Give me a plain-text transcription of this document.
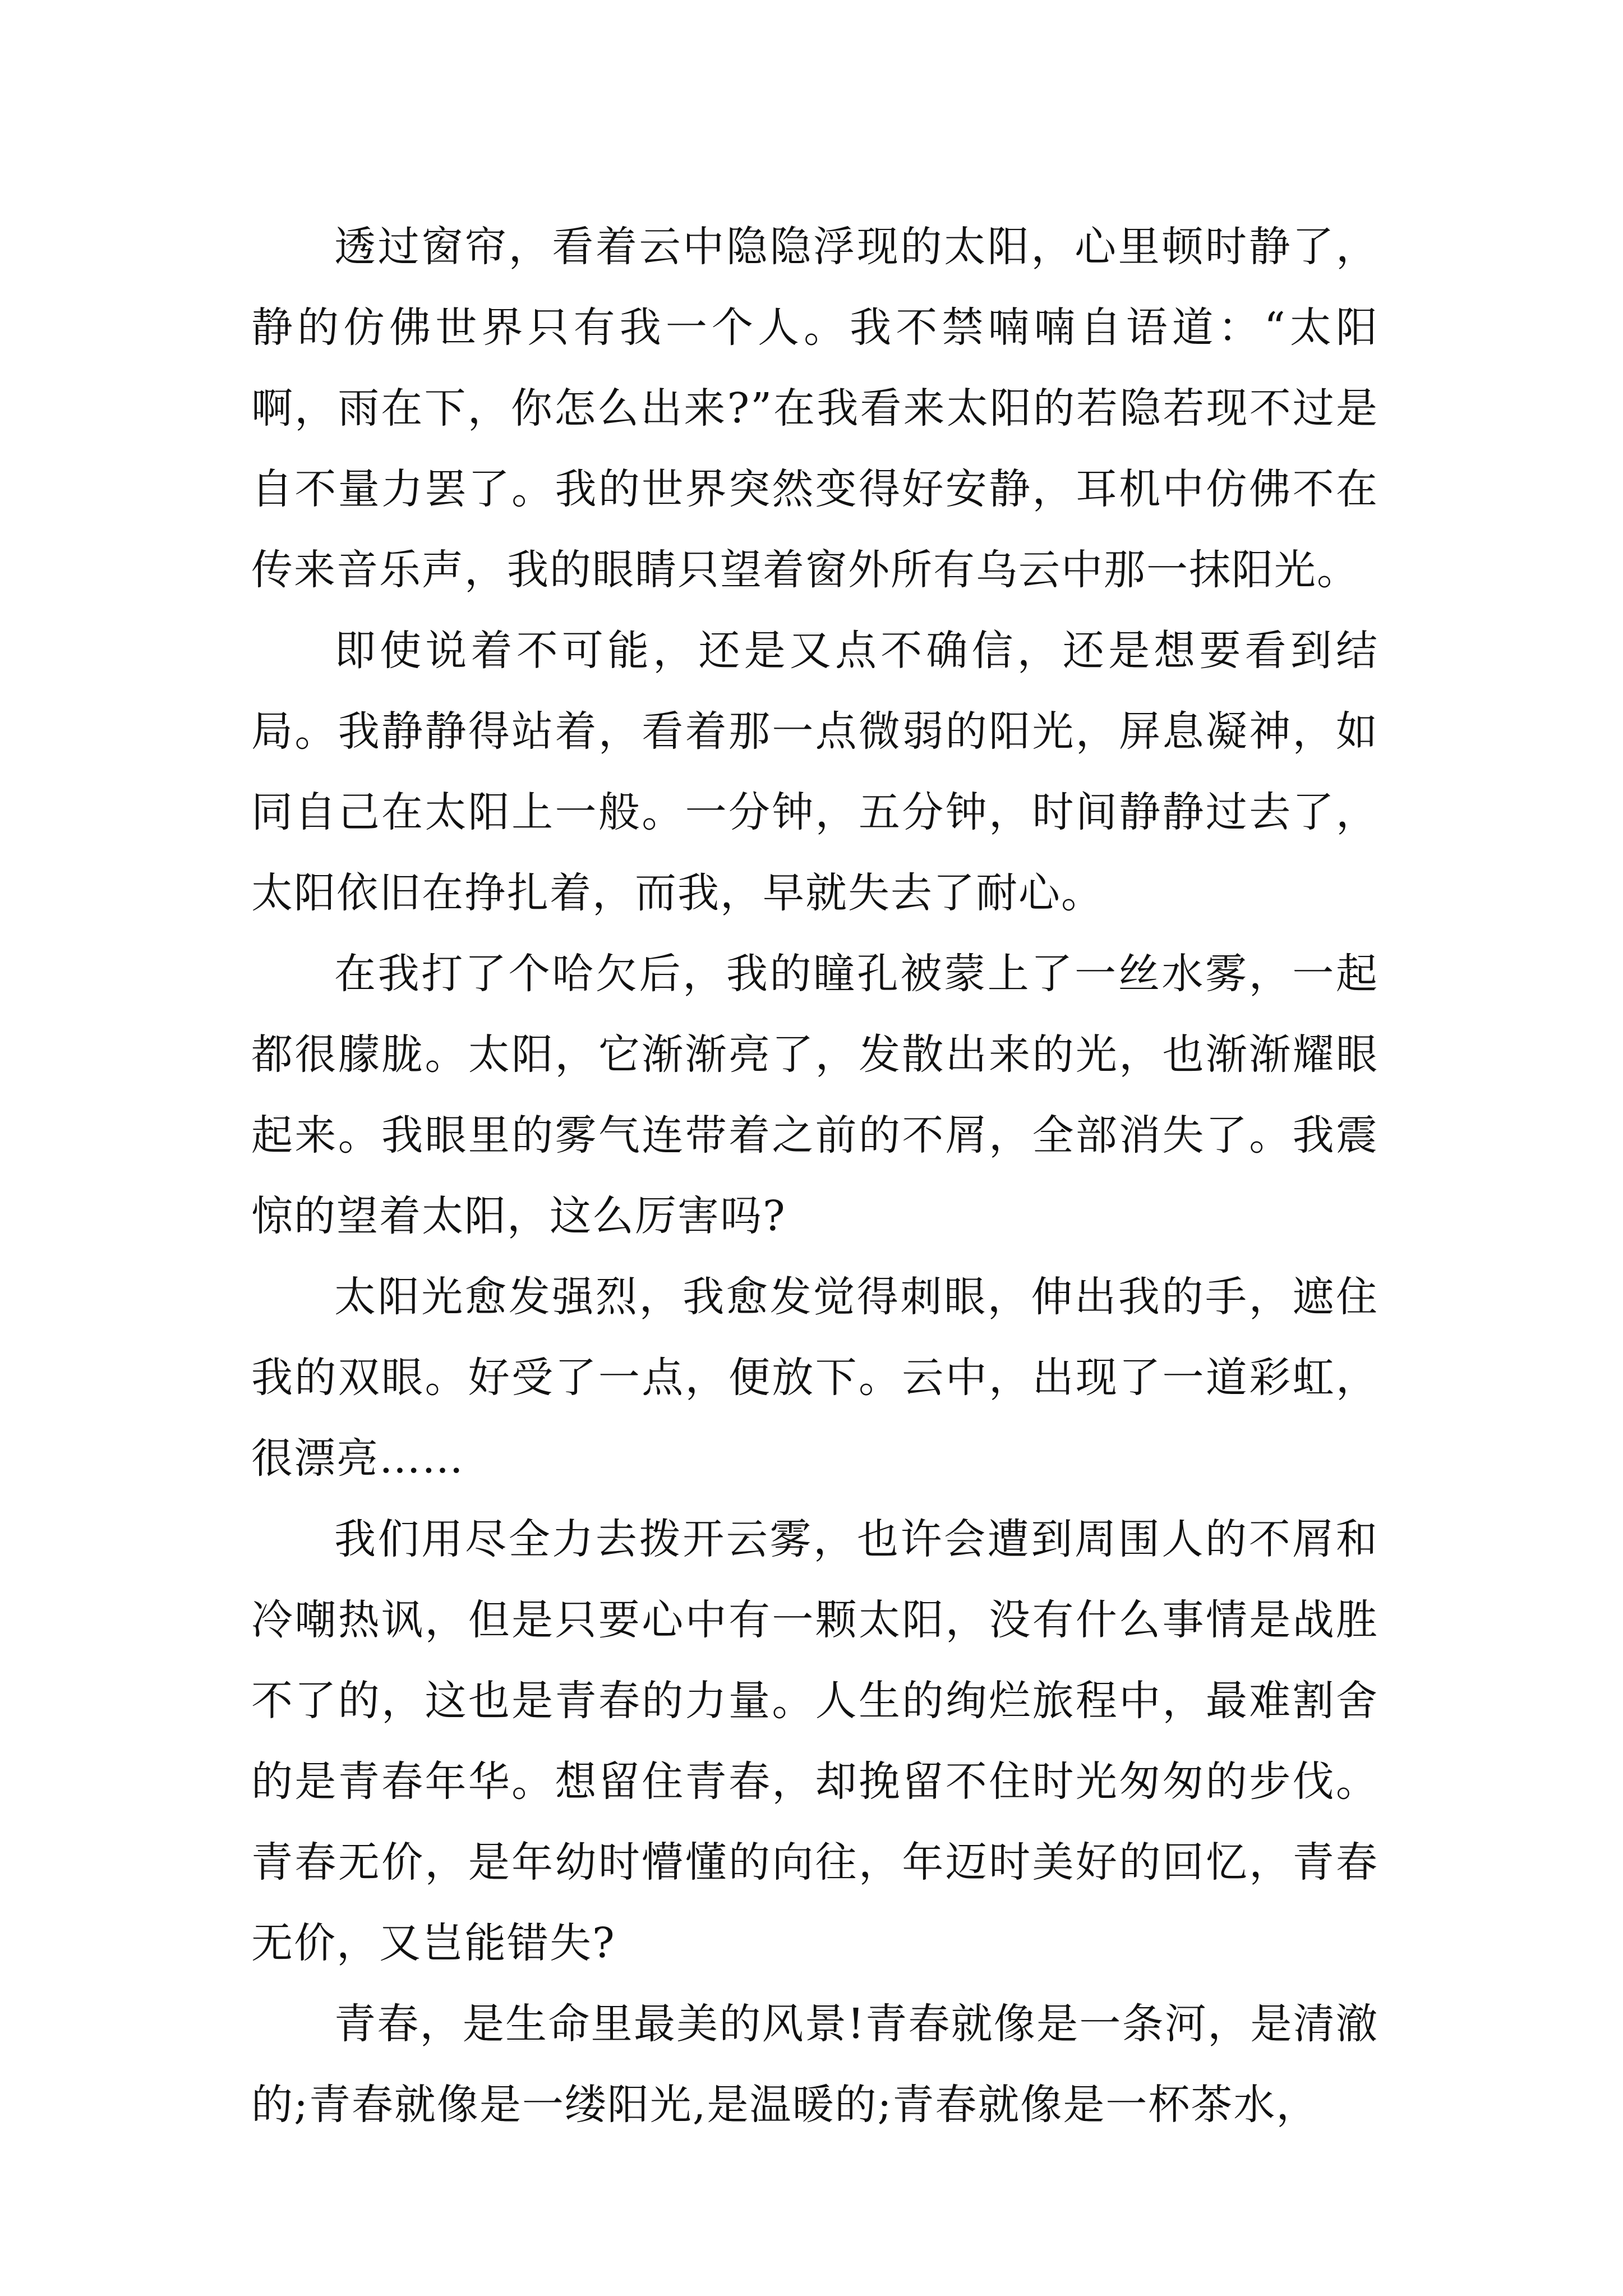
透过窗帘，看着云中隐隐浮现的太阳，心里顿时静了，静的仿佛世界只有我一个人。我不禁喃喃自语道：“太阳啊，雨在下，你怎么出来?”在我看来太阳的若隐若现不过是自不量力罢了。我的世界突然变得好安静，耳机中仿佛不在传来音乐声，我的眼睛只望着窗外所有乌云中那一抹阳光。

即使说着不可能，还是又点不确信，还是想要看到结局。我静静得站着，看着那一点微弱的阳光，屏息凝神，如同自己在太阳上一般。一分钟，五分钟，时间静静过去了，太阳依旧在挣扎着，而我，早就失去了耐心。

在我打了个哈欠后，我的瞳孔被蒙上了一丝水雾，一起都很朦胧。太阳，它渐渐亮了，发散出来的光，也渐渐耀眼起来。我眼里的雾气连带着之前的不屑，全部消失了。我震惊的望着太阳，这么厉害吗?

太阳光愈发强烈，我愈发觉得刺眼，伸出我的手，遮住我的双眼。好受了一点，便放下。云中，出现了一道彩虹，很漂亮……

我们用尽全力去拨开云雾，也许会遭到周围人的不屑和冷嘲热讽，但是只要心中有一颗太阳，没有什么事情是战胜不了的，这也是青春的力量。人生的绚烂旅程中，最难割舍的是青春年华。想留住青春，却挽留不住时光匆匆的步伐。青春无价，是年幼时懵懂的向往，年迈时美好的回忆，青春无价，又岂能错失?

青春，是生命里最美的风景!青春就像是一条河，是清澈的;青春就像是一缕阳光,是温暖的;青春就像是一杯茶水，
